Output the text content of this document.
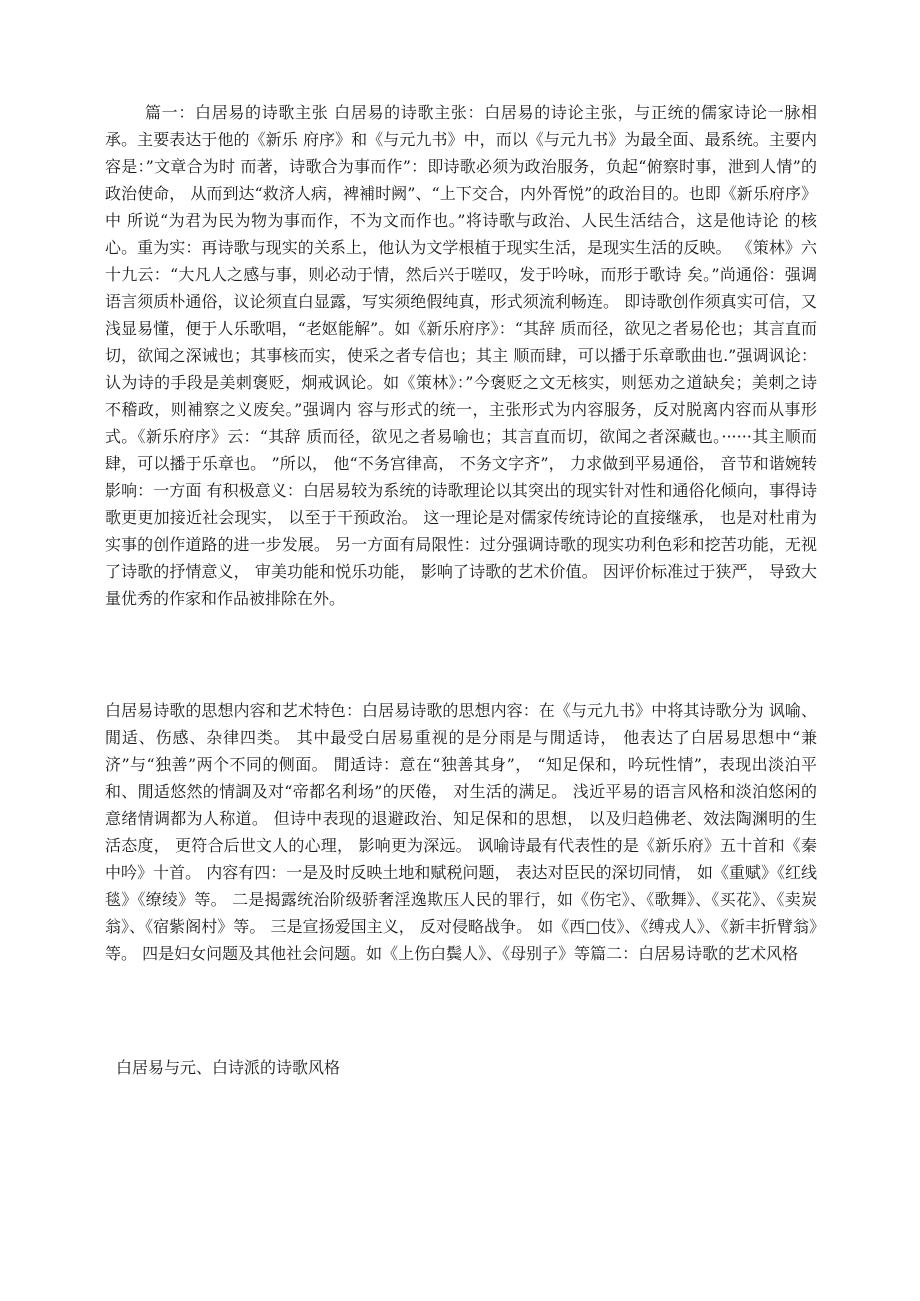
篇一：白居易的诗歌主张 白居易的诗歌主张：白居易的诗论主张，与正统的儒家诗论一脉相承。主要表达于他的《新乐 府序》和《与元九书》中，而以《与元九书》为最全面、最系统。主要内容是：”文章合为时 而著，诗歌合为事而作”：即诗歌必须为政治服务，负起“俯察时事，泄到人情”的政治使命， 从而到达“救济人病，裨補时阙”、“上下交合，内外胥悦”的政治目的。也即《新乐府序》中 所说“为君为民为物为事而作，不为文而作也。”将诗歌与政治、人民生活结合，这是他诗论 的核心。重为实：再诗歌与现实的关系上，他认为文学根植于现实生活，是现实生活的反映。 《策林》六十九云：“大凡人之感与事，则必动于情，然后兴于嗟叹，发于吟咏，而形于歌诗 矣。”尚通俗：强调语言须质朴通俗，议论须直白显露，写实须绝假纯真，形式须流利畅连。 即诗歌创作须真实可信，又浅显易懂，便于人乐歌唱，“老妪能解”。如《新乐府序》：“其辞 质而径，欲见之者易伦也；其言直而切，欲闻之深诫也；其事核而实，使采之者专信也；其主 顺而肆，可以播于乐章歌曲也.”强调讽论：认为诗的手段是美刺褒贬，炯戒讽论。如《策林》：”今褒贬之文无核实，则惩劝之道缺矣；美刺之诗不稽政，则補察之义废矣。”强调内 容与形式的统一，主张形式为内容服务，反对脱离内容而从事形式。《新乐府序》云：“其辞 质而径，欲见之者易喻也；其言直而切，欲闻之者深藏也。······其主顺而肆，可以播于乐章也。 ”所以， 他“不务宫律高， 不务文字齐”， 力求做到平易通俗， 音节和谐婉转影响：一方面 有积极意义：白居易较为系统的诗歌理论以其突出的现实针对性和通俗化倾向，事得诗歌更更加接近社会现实， 以至于干预政治。 这一理论是对儒家传统诗论的直接继承， 也是对杜甫为实事的创作道路的进一步发展。 另一方面有局限性：过分强调诗歌的现实功利色彩和挖苦功能，无视了诗歌的抒情意义， 审美功能和悦乐功能， 影响了诗歌的艺术价值。 因评价标准过于狭严， 导致大量优秀的作家和作品被排除在外。

白居易诗歌的思想内容和艺术特色：白居易诗歌的思想内容：在《与元九书》中将其诗歌分为 讽喻、閒适、伤感、杂律四类。 其中最受白居易重视的是分雨是与閒适诗， 他表达了白居易思想中“兼济”与“独善”两个不同的侧面。 閒适诗：意在“独善其身”， “知足保和，吟玩性情”，表现出淡泊平和、閒适悠然的情調及对“帝都名利场”的厌倦， 对生活的满足。 浅近平易的语言风格和淡泊悠闲的意绪情调都为人称道。 但诗中表现的退避政治、知足保和的思想， 以及归趋佛老、效法陶渊明的生活态度， 更符合后世文人的心理， 影响更为深远。 讽喻诗最有代表性的是《新乐府》五十首和《秦中吟》十首。 内容有四：一是及时反映土地和赋税问题， 表达对臣民的深切同情， 如《重赋》《红线毯》《缭绫》等。 二是揭露统治阶级骄奢淫逸欺压人民的罪行，如《伤宅》、《歌舞》、《买花》、《卖炭翁》、《宿紫阁村》等。 三是宣扬爱国主义， 反对侵略战争。 如《西□伎》、《缚戎人》、《新丰折臂翁》等。 四是妇女问题及其他社会问题。如《上伤白鬓人》、《母别子》等篇二：白居易诗歌的艺术风格

白居易与元、白诗派的诗歌风格
